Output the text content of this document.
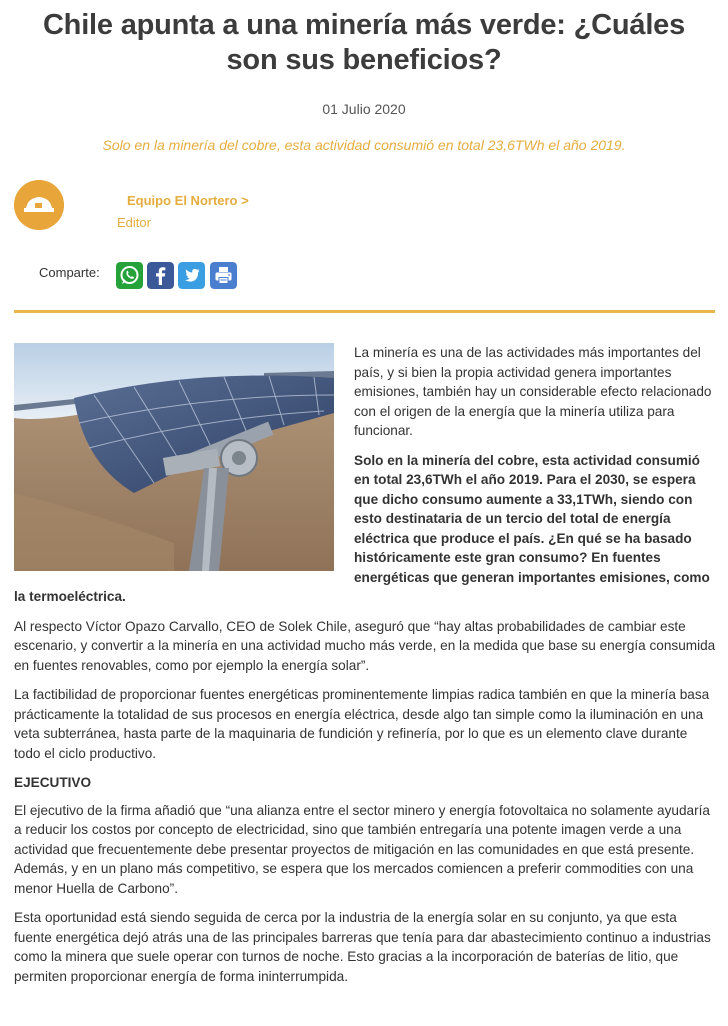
Chile apunta a una minería más verde: ¿Cuáles son sus beneficios?
01 Julio 2020
Solo en la minería del cobre, esta actividad consumió en total 23,6TWh el año 2019.
Equipo El Nortero >
Editor
Comparte:

La minería es una de las actividades más importantes del país, y si bien la propia actividad genera importantes emisiones, también hay un considerable efecto relacionado con el origen de la energía que la minería utiliza para funcionar.

Solo en la minería del cobre, esta actividad consumió en total 23,6TWh el año 2019. Para el 2030, se espera que dicho consumo aumente a 33,1TWh, siendo con esto destinataria de un tercio del total de energía eléctrica que produce el país. ¿En qué se ha basado históricamente este gran consumo? En fuentes energéticas que generan importantes emisiones, como la termoeléctrica.

Al respecto Víctor Opazo Carvallo, CEO de Solek Chile, aseguró que “hay altas probabilidades de cambiar este escenario, y convertir a la minería en una actividad mucho más verde, en la medida que base su energía consumida en fuentes renovables, como por ejemplo la energía solar”.

La factibilidad de proporcionar fuentes energéticas prominentemente limpias radica también en que la minería basa prácticamente la totalidad de sus procesos en energía eléctrica, desde algo tan simple como la iluminación en una veta subterránea, hasta parte de la maquinaria de fundición y refinería, por lo que es un elemento clave durante todo el ciclo productivo.

EJECUTIVO

El ejecutivo de la firma añadió que “una alianza entre el sector minero y energía fotovoltaica no solamente ayudaría a reducir los costos por concepto de electricidad, sino que también entregaría una potente imagen verde a una actividad que frecuentemente debe presentar proyectos de mitigación en las comunidades en que está presente. Además, y en un plano más competitivo, se espera que los mercados comiencen a preferir commodities con una menor Huella de Carbono”.

Esta oportunidad está siendo seguida de cerca por la industria de la energía solar en su conjunto, ya que esta fuente energética dejó atrás una de las principales barreras que tenía para dar abastecimiento continuo a industrias como la minera que suele operar con turnos de noche. Esto gracias a la incorporación de baterías de litio, que permiten proporcionar energía de forma ininterrumpida.
